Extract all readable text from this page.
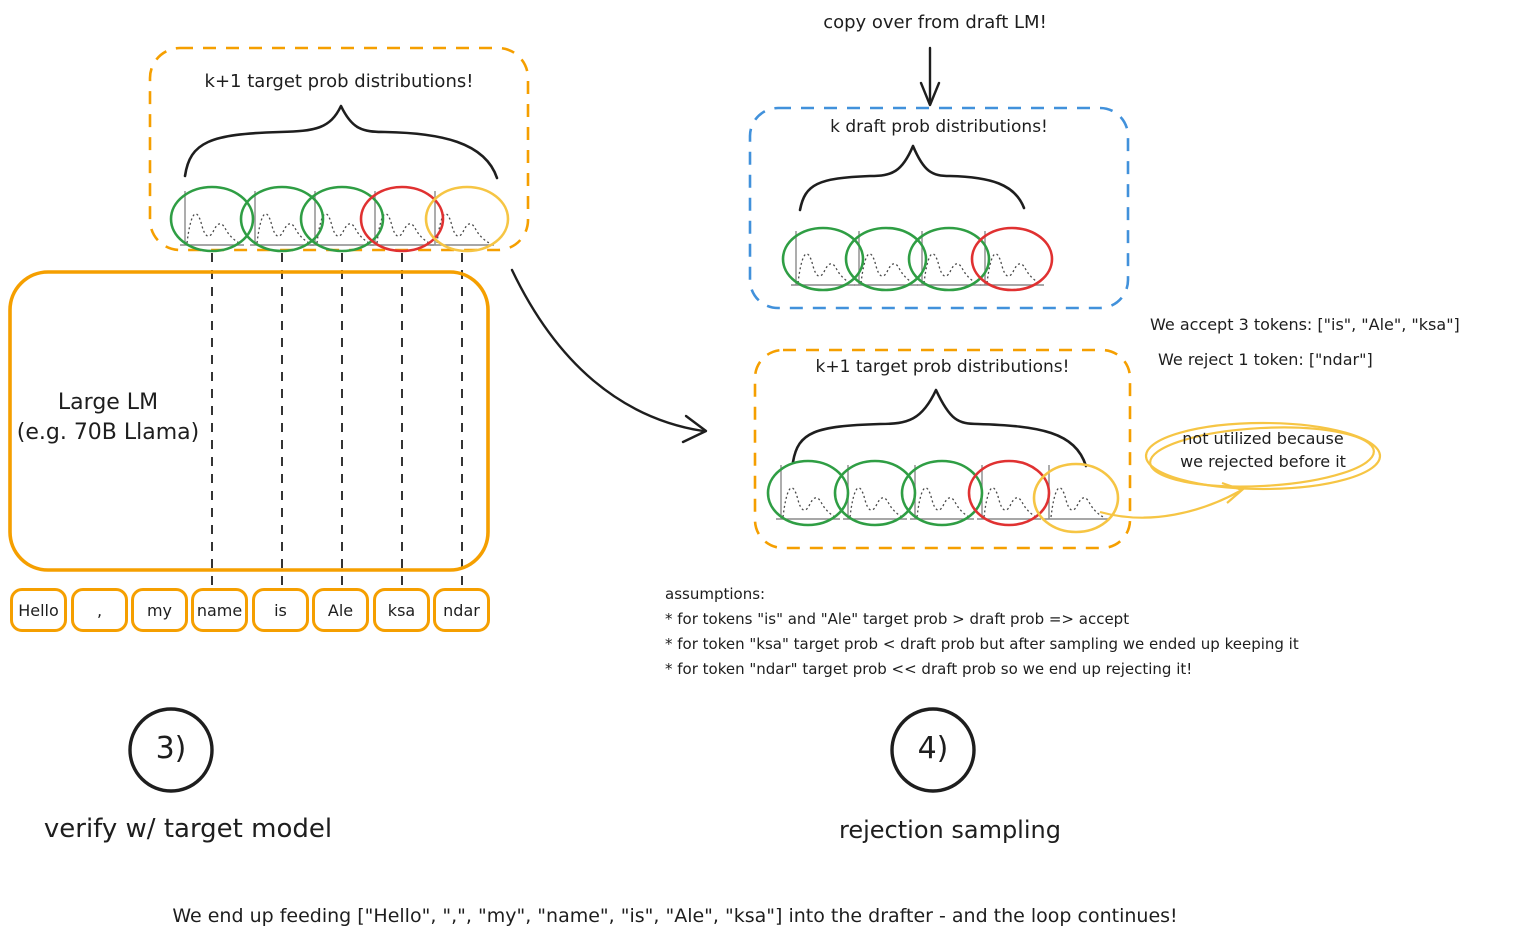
k+1 target prob distributions!
Large LM
(e.g. 70B Llama)
Hello	,	my	name	is	Ale	ksa	ndar
copy over from draft LM!
k draft prob distributions!
k+1 target prob distributions!
We accept 3 tokens: ["is", "Ale", "ksa"]
We reject 1 token: ["ndar"]
not utilized because
we rejected before it
assumptions:
* for tokens "is" and "Ale" target prob > draft prob => accept
* for token "ksa" target prob < draft prob but after sampling we ended up keeping it
* for token "ndar" target prob << draft prob so we end up rejecting it!
3)
verify w/ target model
4)
rejection sampling
We end up feeding ["Hello", ",", "my", "name", "is", "Ale", "ksa"] into the drafter - and the loop continues!
